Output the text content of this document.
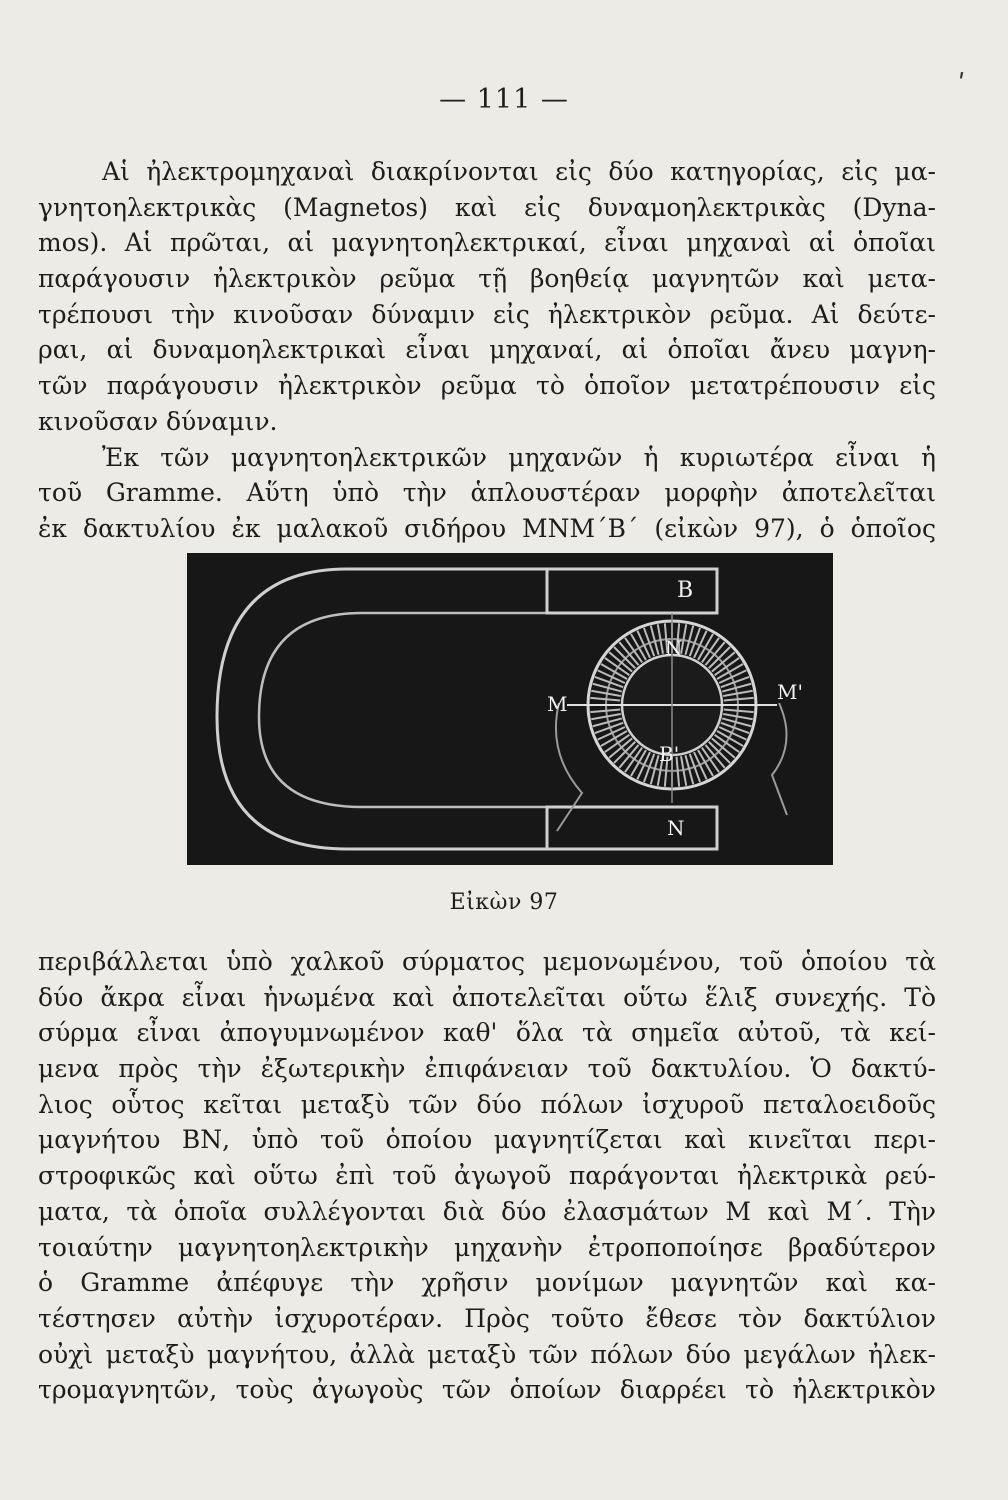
— 111 —	ʹ
Αἱ ἠλεκτρομηχαναὶ διακρίνονται εἰς δύο κατηγορίας, εἰς μα-
γνητοηλεκτρικὰς (Magnetos) καὶ εἰς δυναμοηλεκτρικὰς (Dyna-
mos). Αἱ πρῶται, αἱ μαγνητοηλεκτρικαί, εἶναι μηχαναὶ αἱ ὁποῖαι
παράγουσιν ἠλεκτρικὸν ρεῦμα τῇ βοηθείᾳ μαγνητῶν καὶ μετα-
τρέπουσι τὴν κινοῦσαν δύναμιν εἰς ἠλεκτρικὸν ρεῦμα. Αἱ δεύτε-
ραι, αἱ δυναμοηλεκτρικαὶ εἶναι μηχαναί, αἱ ὁποῖαι ἄνευ μαγνη-
τῶν παράγουσιν ἠλεκτρικὸν ρεῦμα τὸ ὁποῖον μετατρέπουσιν εἰς
κινοῦσαν δύναμιν.
Ἐκ τῶν μαγνητοηλεκτρικῶν μηχανῶν ἡ κυριωτέρα εἶναι ἡ
τοῦ Gramme. Αὕτη ὑπὸ τὴν ἁπλουστέραν μορφὴν ἀποτελεῖται
ἐκ δακτυλίου ἐκ μαλακοῦ σιδήρου ΜΝΜ΄Β΄ (εἰκὼν 97), ὁ ὁποῖος
B
N
M	M'
B'
N
Εἰκὼν 97
περιβάλλεται ὑπὸ χαλκοῦ σύρματος μεμονωμένου, τοῦ ὁποίου τὰ
δύο ἄκρα εἶναι ἡνωμένα καὶ ἀποτελεῖται οὕτω ἕλιξ συνεχής. Τὸ
σύρμα εἶναι ἀπογυμνωμένον καθ' ὅλα τὰ σημεῖα αὐτοῦ, τὰ κεί-
μενα πρὸς τὴν ἐξωτερικὴν ἐπιφάνειαν τοῦ δακτυλίου. Ὁ δακτύ-
λιος οὗτος κεῖται μεταξὺ τῶν δύο πόλων ἰσχυροῦ πεταλοειδοῦς
μαγνήτου ΒΝ, ὑπὸ τοῦ ὁποίου μαγνητίζεται καὶ κινεῖται περι-
στροφικῶς καὶ οὕτω ἐπὶ τοῦ ἀγωγοῦ παράγονται ἠλεκτρικὰ ρεύ-
ματα, τὰ ὁποῖα συλλέγονται διὰ δύο ἐλασμάτων Μ καὶ Μ΄. Τὴν
τοιαύτην μαγνητοηλεκτρικὴν μηχανὴν ἐτροποποίησε βραδύτερον
ὁ Gramme ἀπέφυγε τὴν χρῆσιν μονίμων μαγνητῶν καὶ κα-
τέστησεν αὐτὴν ἰσχυροτέραν. Πρὸς τοῦτο ἔθεσε τὸν δακτύλιον
οὐχὶ μεταξὺ μαγνήτου, ἀλλὰ μεταξὺ τῶν πόλων δύο μεγάλων ἠλεκ-
τρομαγνητῶν, τοὺς ἀγωγοὺς τῶν ὁποίων διαρρέει τὸ ἠλεκτρικὸν
